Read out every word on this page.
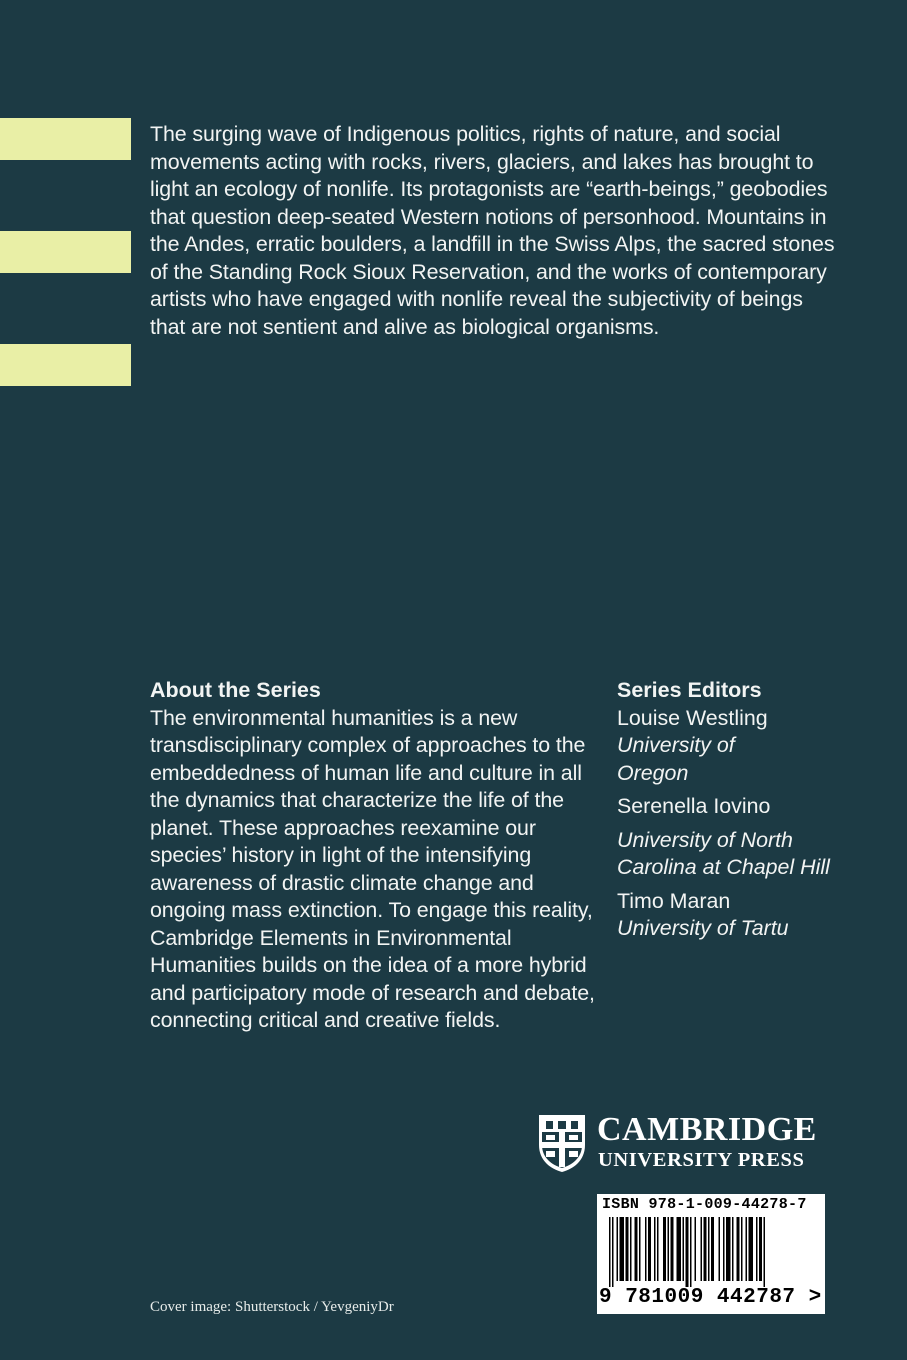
The surging wave of Indigenous politics, rights of nature, and social movements acting with rocks, rivers, glaciers, and lakes has brought to light an ecology of nonlife. Its protagonists are “earth-beings,” geobodies that question deep-seated Western notions of personhood. Mountains in the Andes, erratic boulders, a landfill in the Swiss Alps, the sacred stones of the Standing Rock Sioux Reservation, and the works of contemporary artists who have engaged with nonlife reveal the subjectivity of beings that are not sentient and alive as biological organisms.

About the Series

The environmental humanities is a new transdisciplinary complex of approaches to the embeddedness of human life and culture in all the dynamics that characterize the life of the planet. These approaches reexamine our species’ history in light of the intensifying awareness of drastic climate change and ongoing mass extinction. To engage this reality, Cambridge Elements in Environmental Humanities builds on the idea of a more hybrid and participatory mode of research and debate, connecting critical and creative fields.

Series Editors

Louise Westling

University of Oregon

Serenella Iovino

University of North Carolina at Chapel Hill

Timo Maran

University of Tartu

CAMBRIDGE
UNIVERSITY PRESS
ISBN 978-1-009-44278-7
9 781009 442787 >
Cover image: Shutterstock / YevgeniyDr
